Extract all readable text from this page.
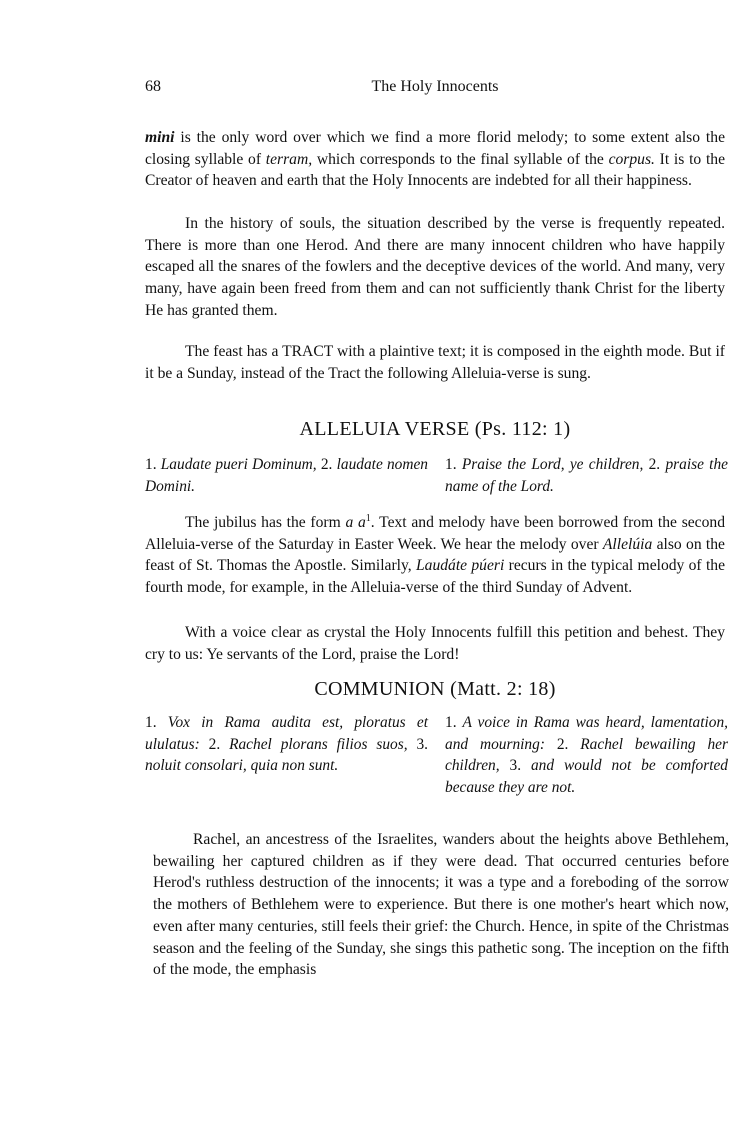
68	The Holy Innocents

mini is the only word over which we find a more florid melody; to some extent also the closing syllable of terram, which corresponds to the final syllable of the corpus. It is to the Creator of heaven and earth that the Holy Innocents are indebted for all their happiness.

In the history of souls, the situation described by the verse is frequently repeated. There is more than one Herod. And there are many innocent children who have happily escaped all the snares of the fowlers and the deceptive devices of the world. And many, very many, have again been freed from them and can not sufficiently thank Christ for the liberty He has granted them.

The feast has a TRACT with a plaintive text; it is composed in the eighth mode. But if it be a Sunday, instead of the Tract the following Alleluia-verse is sung.

ALLELUIA VERSE (Ps. 112: 1)
1. Laudate pueri Dominum, 2. laudate nomen Domini.
1. Praise the Lord, ye children, 2. praise the name of the Lord.

The jubilus has the form a $a^1$. Text and melody have been borrowed from the second Alleluia-verse of the Saturday in Easter Week. We hear the melody over Allelúia also on the feast of St. Thomas the Apostle. Similarly, Laudáte púeri recurs in the typical melody of the fourth mode, for example, in the Alleluia-verse of the third Sunday of Advent.

With a voice clear as crystal the Holy Innocents fulfill this petition and behest. They cry to us: Ye servants of the Lord, praise the Lord!

COMMUNION (Matt. 2: 18)
1. Vox in Rama audita est, ploratus et ululatus: 2. Rachel plorans filios suos, 3. noluit consolari, quia non sunt.
1. A voice in Rama was heard, lamentation, and mourning: 2. Rachel bewailing her children, 3. and would not be comforted because they are not.

Rachel, an ancestress of the Israelites, wanders about the heights above Bethlehem, bewailing her captured children as if they were dead. That occurred centuries before Herod's ruthless destruction of the innocents; it was a type and a foreboding of the sorrow the mothers of Bethlehem were to experience. But there is one mother's heart which now, even after many centuries, still feels their grief: the Church. Hence, in spite of the Christmas season and the feeling of the Sunday, she sings this pathetic song. The inception on the fifth of the mode, the emphasis
